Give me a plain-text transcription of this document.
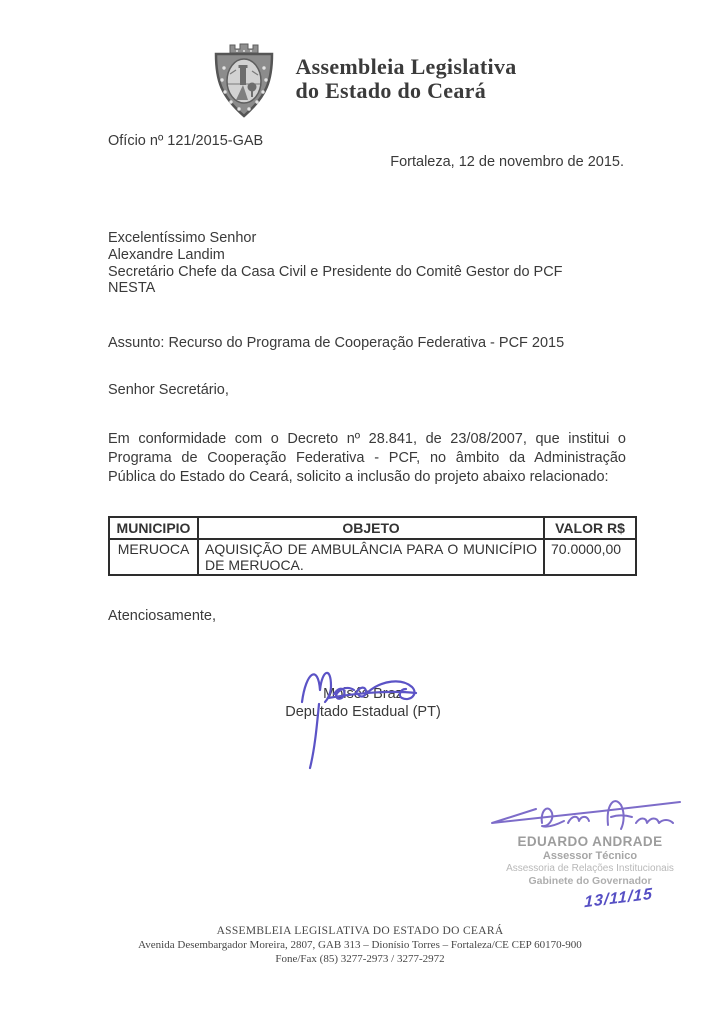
Assembleia Legislativa
do Estado do Ceará
Ofício nº 121/2015-GAB
Fortaleza, 12 de novembro de 2015.
Excelentíssimo Senhor
Alexandre Landim
Secretário Chefe da Casa Civil e Presidente do Comitê Gestor do PCF
NESTA
Assunto: Recurso do Programa de Cooperação Federativa - PCF 2015
Senhor Secretário,
Em conformidade com o Decreto nº 28.841, de 23/08/2007, que institui o Programa de Cooperação Federativa - PCF, no âmbito da Administração Pública do Estado do Ceará, solicito a inclusão do projeto abaixo relacionado:
MUNICIPIO	OBJETO	VALOR R$
MERUOCA	AQUISIÇÃO DE AMBULÂNCIA PARA O MUNICÍPIO DE MERUOCA.	70.0000,00
Atenciosamente,
Moisés Braz
Deputado Estadual (PT)
EDUARDO ANDRADE
Assessor Técnico
Assessoria de Relações Institucionais
Gabinete do Governador
13/11/15
ASSEMBLEIA LEGISLATIVA DO ESTADO DO CEARÁ
Avenida Desembargador Moreira, 2807, GAB 313 – Dionísio Torres – Fortaleza/CE CEP 60170-900
Fone/Fax (85) 3277-2973 / 3277-2972
